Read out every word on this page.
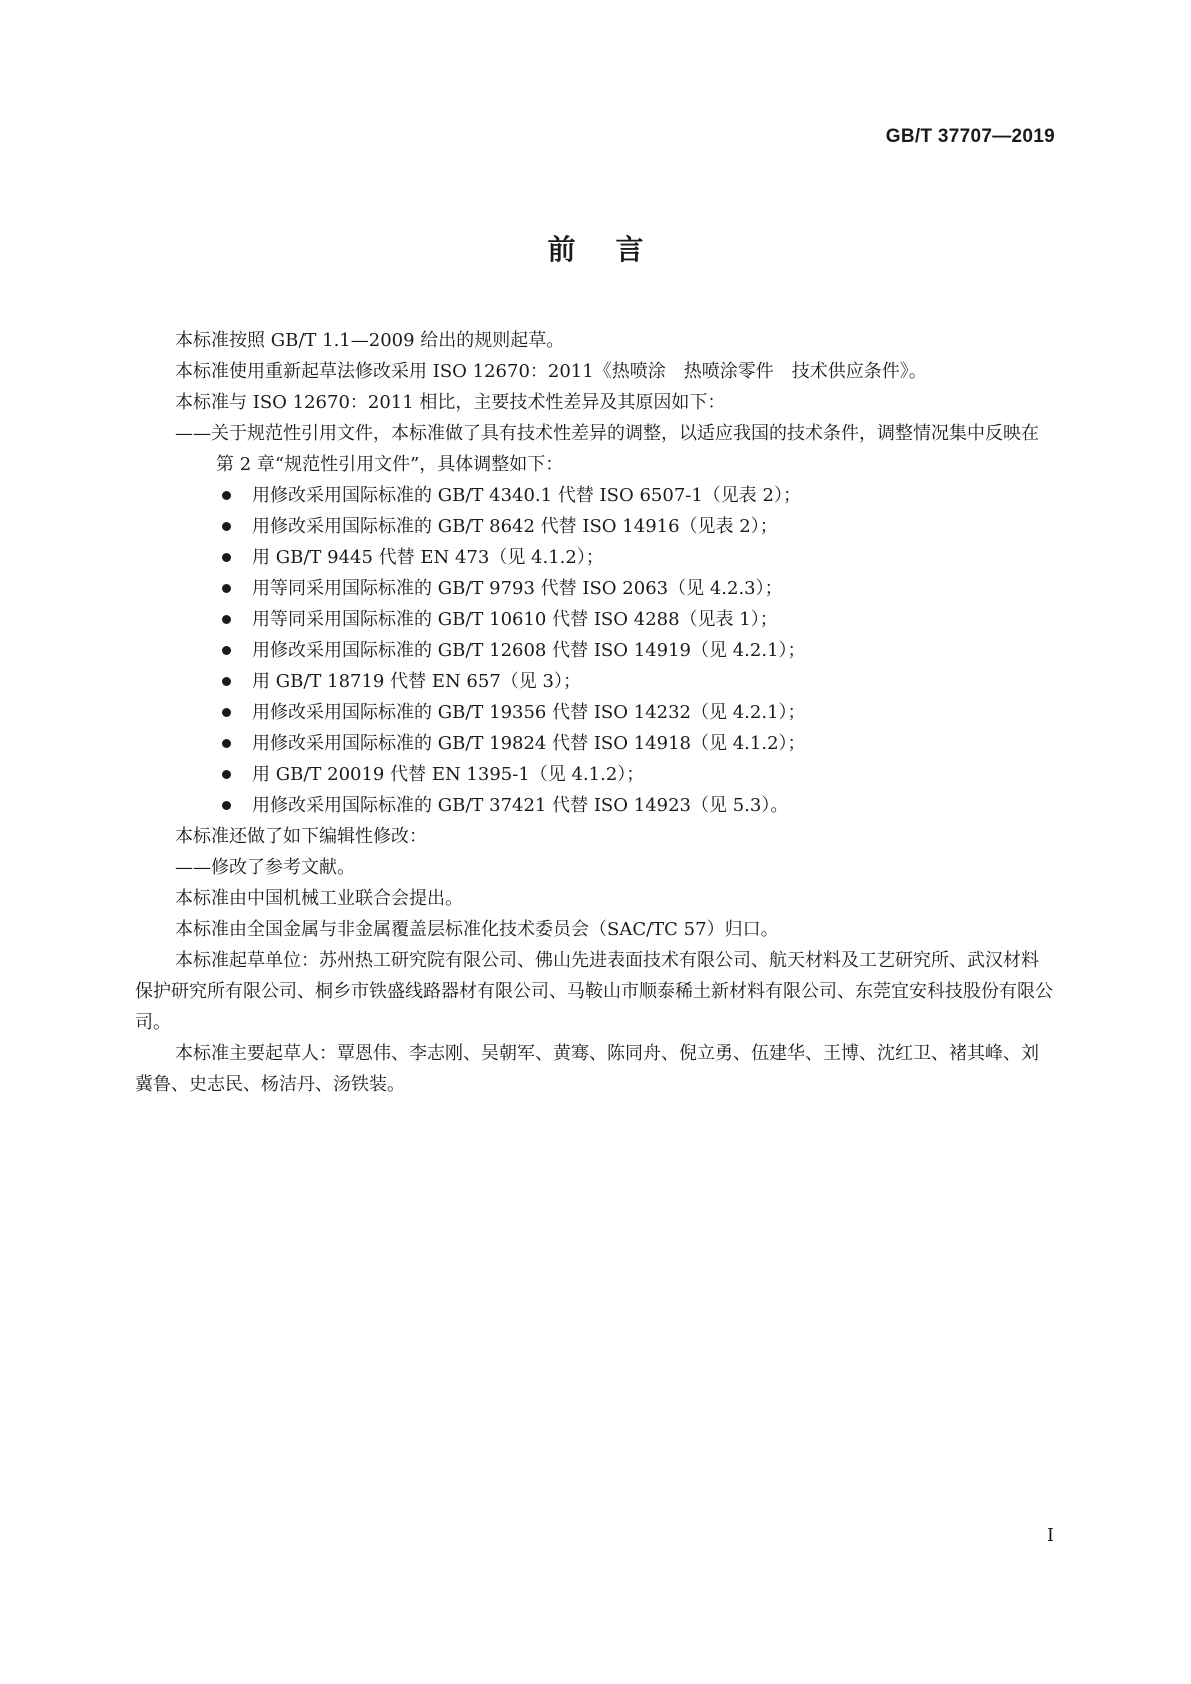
GB/T 37707—2019
前言

本标准按照 GB/T 1.1—2009 给出的规则起草。

本标准使用重新起草法修改采用 ISO 12670：2011《热喷涂　热喷涂零件　技术供应条件》。

本标准与 ISO 12670：2011 相比，主要技术性差异及其原因如下：

——关于规范性引用文件，本标准做了具有技术性差异的调整，以适应我国的技术条件，调整情况集中反映在第 2 章“规范性引用文件”，具体调整如下：

用修改采用国际标准的 GB/T 4340.1 代替 ISO 6507-1（见表 2）；
用修改采用国际标准的 GB/T 8642 代替 ISO 14916（见表 2）；
用 GB/T 9445 代替 EN 473（见 4.1.2）；
用等同采用国际标准的 GB/T 9793 代替 ISO 2063（见 4.2.3）；
用等同采用国际标准的 GB/T 10610 代替 ISO 4288（见表 1）；
用修改采用国际标准的 GB/T 12608 代替 ISO 14919（见 4.2.1）；
用 GB/T 18719 代替 EN 657（见 3）；
用修改采用国际标准的 GB/T 19356 代替 ISO 14232（见 4.2.1）；
用修改采用国际标准的 GB/T 19824 代替 ISO 14918（见 4.1.2）；
用 GB/T 20019 代替 EN 1395-1（见 4.1.2）；
用修改采用国际标准的 GB/T 37421 代替 ISO 14923（见 5.3）。

本标准还做了如下编辑性修改：

——修改了参考文献。

本标准由中国机械工业联合会提出。

本标准由全国金属与非金属覆盖层标准化技术委员会（SAC/TC 57）归口。

本标准起草单位：苏州热工研究院有限公司、佛山先进表面技术有限公司、航天材料及工艺研究所、武汉材料保护研究所有限公司、桐乡市铁盛线路器材有限公司、马鞍山市顺泰稀土新材料有限公司、东莞宜安科技股份有限公司。

本标准主要起草人：覃恩伟、李志刚、吴朝军、黄骞、陈同舟、倪立勇、伍建华、王博、沈红卫、褚其峰、刘冀鲁、史志民、杨洁丹、汤铁装。

I
